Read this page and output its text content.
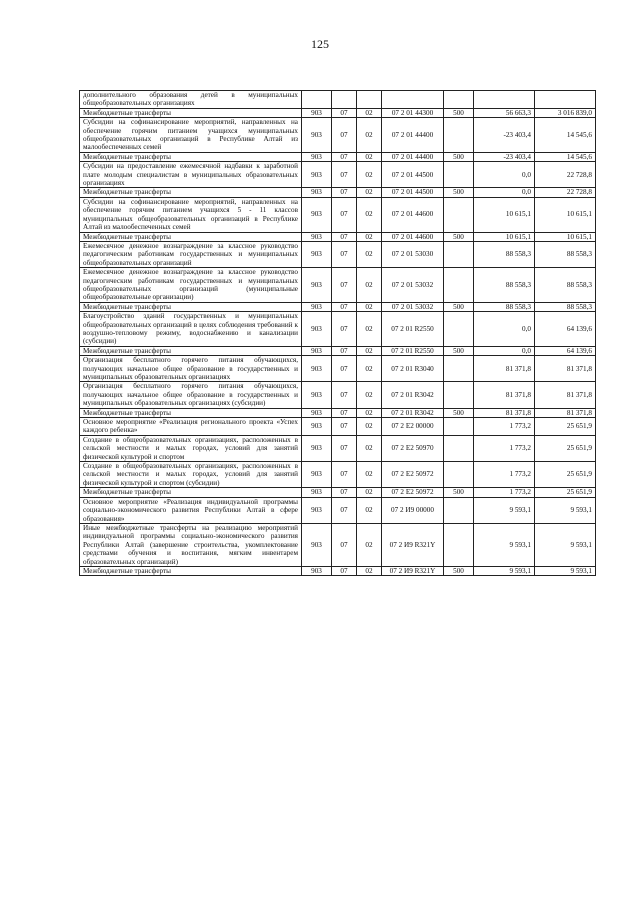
125
дополнительного образования детей в муниципальных общеобразовательных организациях							
Межбюджетные трансферты	903	07	02	07 2 01 44300	500	56 663,3	3 016 839,0
Субсидии на софинансирование мероприятий, направленных на обеспечение горячим питанием учащихся муниципальных общеобразовательных организаций в Республике Алтай из малообеспеченных семей	903	07	02	07 2 01 44400		-23 403,4	14 545,6
Межбюджетные трансферты	903	07	02	07 2 01 44400	500	-23 403,4	14 545,6
Субсидии на предоставление ежемесячной надбавки к заработной плате молодым специалистам в муниципальных образовательных организациях	903	07	02	07 2 01 44500		0,0	22 728,8
Межбюджетные трансферты	903	07	02	07 2 01 44500	500	0,0	22 728,8
Субсидии на софинансирование мероприятий, направленных на обеспечение горячим питанием учащихся 5 - 11 классов муниципальных общеобразовательных организаций в Республике Алтай из малообеспеченных семей	903	07	02	07 2 01 44600		10 615,1	10 615,1
Межбюджетные трансферты	903	07	02	07 2 01 44600	500	10 615,1	10 615,1
Ежемесячное денежное вознаграждение за классное руководство педагогическим работникам государственных и муниципальных общеобразовательных организаций	903	07	02	07 2 01 53030		88 558,3	88 558,3
Ежемесячное денежное вознаграждение за классное руководство педагогическим работникам государственных и муниципальных общеобразовательных организаций (муниципальные общеобразовательные организации)	903	07	02	07 2 01 53032		88 558,3	88 558,3
Межбюджетные трансферты	903	07	02	07 2 01 53032	500	88 558,3	88 558,3
Благоустройство зданий государственных и муниципальных общеобразовательных организаций в целях соблюдения требований к воздушно-тепловому режиму, водоснабжению и канализации (субсидии)	903	07	02	07 2 01 R2550		0,0	64 139,6
Межбюджетные трансферты	903	07	02	07 2 01 R2550	500	0,0	64 139,6
Организация бесплатного горячего питания обучающихся, получающих начальное общее образование в государственных и муниципальных образовательных организациях	903	07	02	07 2 01 R3040		81 371,8	81 371,8
Организация бесплатного горячего питания обучающихся, получающих начальное общее образование в государственных и муниципальных образовательных организациях (субсидии)	903	07	02	07 2 01 R3042		81 371,8	81 371,8
Межбюджетные трансферты	903	07	02	07 2 01 R3042	500	81 371,8	81 371,8
Основное мероприятие «Реализация регионального проекта «Успех каждого ребенка»	903	07	02	07 2 E2 00000		1 773,2	25 651,9
Создание в общеобразовательных организациях, расположенных в сельской местности и малых городах, условий для занятий физической культурой и спортом	903	07	02	07 2 E2 50970		1 773,2	25 651,9
Создание в общеобразовательных организациях, расположенных в сельской местности и малых городах, условий для занятий физической культурой и спортом (субсидии)	903	07	02	07 2 E2 50972		1 773,2	25 651,9
Межбюджетные трансферты	903	07	02	07 2 E2 50972	500	1 773,2	25 651,9
Основное мероприятие «Реализация индивидуальной программы социально-экономического развития Республики Алтай в сфере образования»	903	07	02	07 2 И9 00000		9 593,1	9 593,1
Иные межбюджетные трансферты на реализацию мероприятий индивидуальной программы социально-экономического развития Республики Алтай (завершение строительства, укомплектование средствами обучения и воспитания, мягким инвентарем образовательных организаций)	903	07	02	07 2 И9 R321Y		9 593,1	9 593,1
Межбюджетные трансферты	903	07	02	07 2 И9 R321Y	500	9 593,1	9 593,1
